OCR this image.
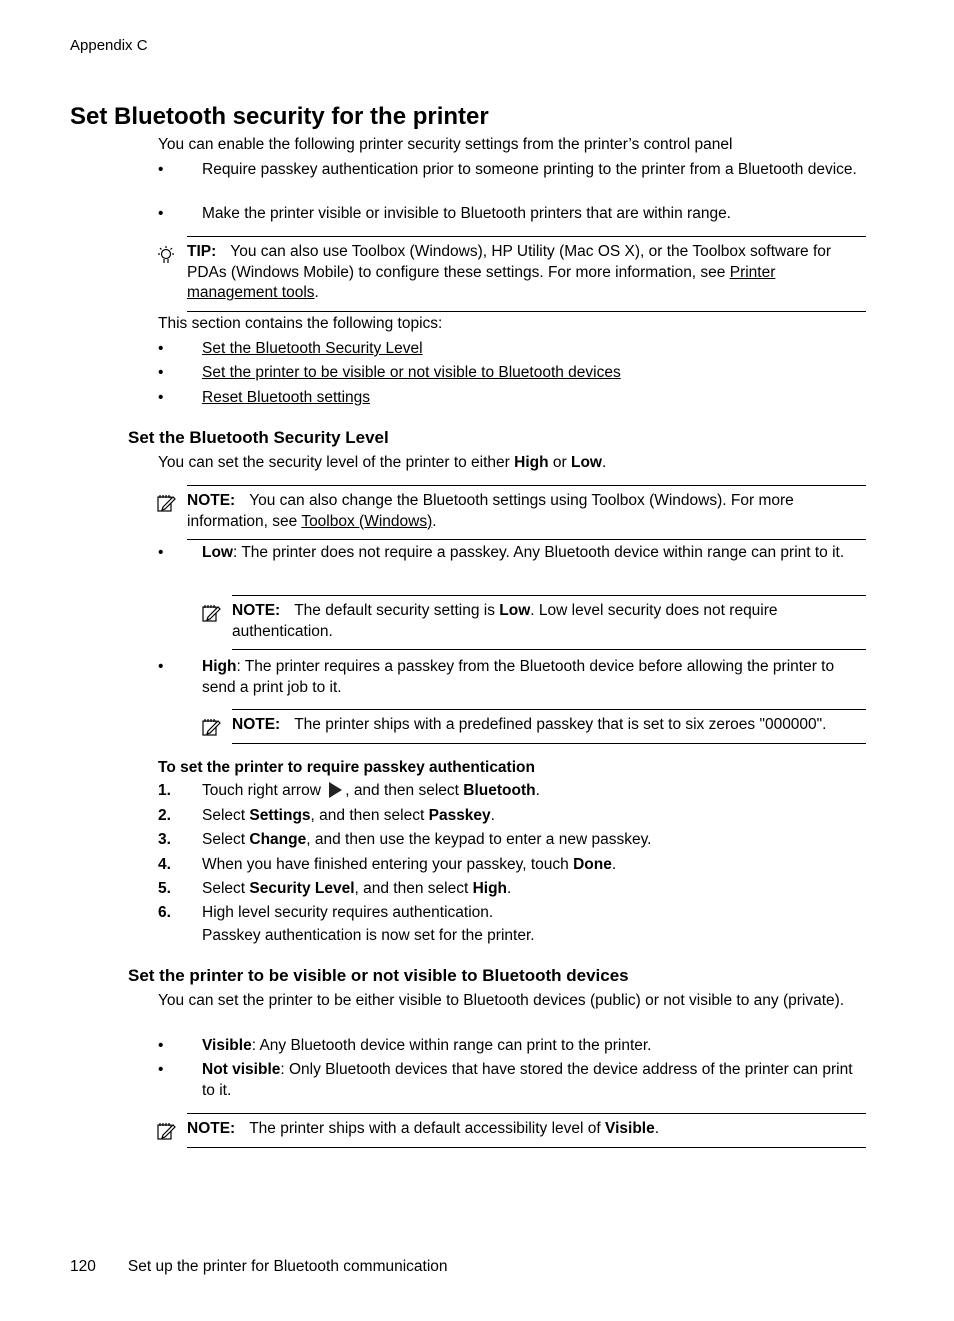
Appendix C
Set Bluetooth security for the printer
You can enable the following printer security settings from the printer’s control panel
• Require passkey authentication prior to someone printing to the printer from a Bluetooth device.
• Make the printer visible or invisible to Bluetooth printers that are within range.
TIP: You can also use Toolbox (Windows), HP Utility (Mac OS X), or the Toolbox software for PDAs (Windows Mobile) to configure these settings. For more information, see Printer management tools.
This section contains the following topics:
• Set the Bluetooth Security Level
• Set the printer to be visible or not visible to Bluetooth devices
• Reset Bluetooth settings
Set the Bluetooth Security Level
You can set the security level of the printer to either High or Low.
NOTE: You can also change the Bluetooth settings using Toolbox (Windows). For more information, see Toolbox (Windows).
• Low: The printer does not require a passkey. Any Bluetooth device within range can print to it.
NOTE: The default security setting is Low. Low level security does not require authentication.
• High: The printer requires a passkey from the Bluetooth device before allowing the printer to send a print job to it.
NOTE: The printer ships with a predefined passkey that is set to six zeroes "000000".
To set the printer to require passkey authentication
1. Touch right arrow , and then select Bluetooth.
2. Select Settings, and then select Passkey.
3. Select Change, and then use the keypad to enter a new passkey.
4. When you have finished entering your passkey, touch Done.
5. Select Security Level, and then select High.
6. High level security requires authentication.
Passkey authentication is now set for the printer.
Set the printer to be visible or not visible to Bluetooth devices
You can set the printer to be either visible to Bluetooth devices (public) or not visible to any (private).
• Visible: Any Bluetooth device within range can print to the printer.
• Not visible: Only Bluetooth devices that have stored the device address of the printer can print to it.
NOTE: The printer ships with a default accessibility level of Visible.
120 Set up the printer for Bluetooth communication
